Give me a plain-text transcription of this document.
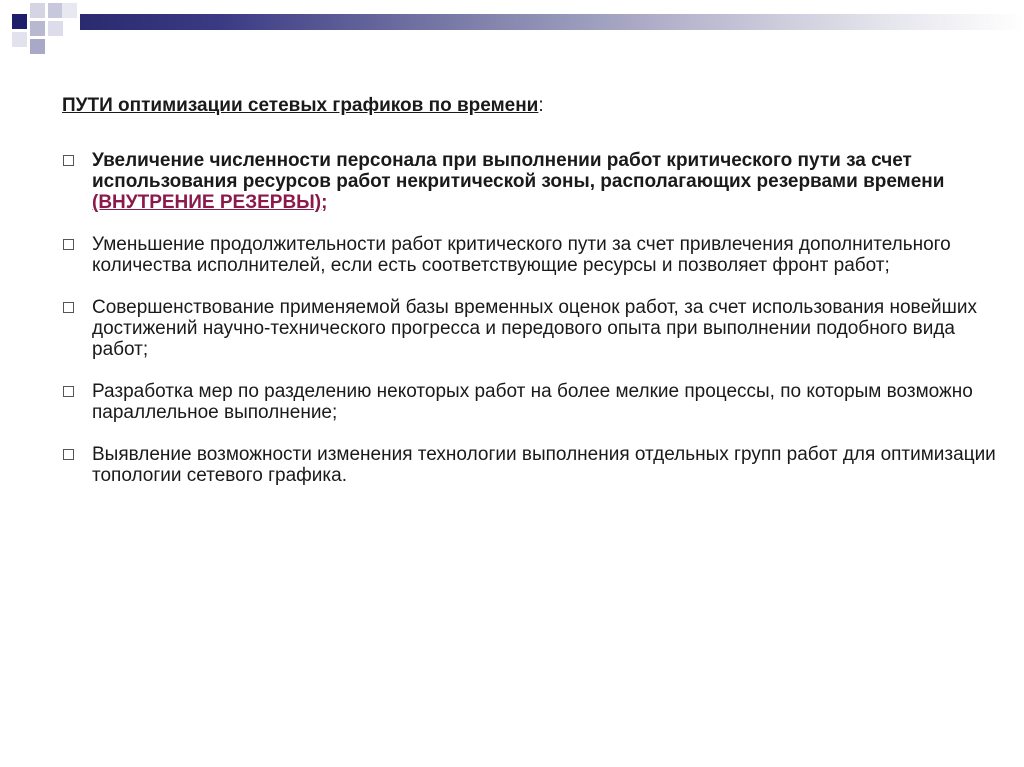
ПУТИ оптимизации сетевых графиков по времени:
Увеличение численности персонала при выполнении работ критического пути за счет использования ресурсов работ некритической зоны, располагающих резервами времени (ВНУТРЕНИЕ РЕЗЕРВЫ);
Уменьшение продолжительности работ критического пути за счет привлечения дополнительного количества исполнителей, если есть соответствующие ресурсы и позволяет фронт работ;
Совершенствование применяемой базы временных оценок работ, за счет использования новейших достижений научно-технического прогресса и передового опыта при выполнении подобного вида работ;
Разработка мер по разделению некоторых работ на более мелкие процессы, по которым возможно параллельное выполнение;
Выявление возможности изменения технологии выполнения отдельных групп работ для оптимизации топологии сетевого графика.
